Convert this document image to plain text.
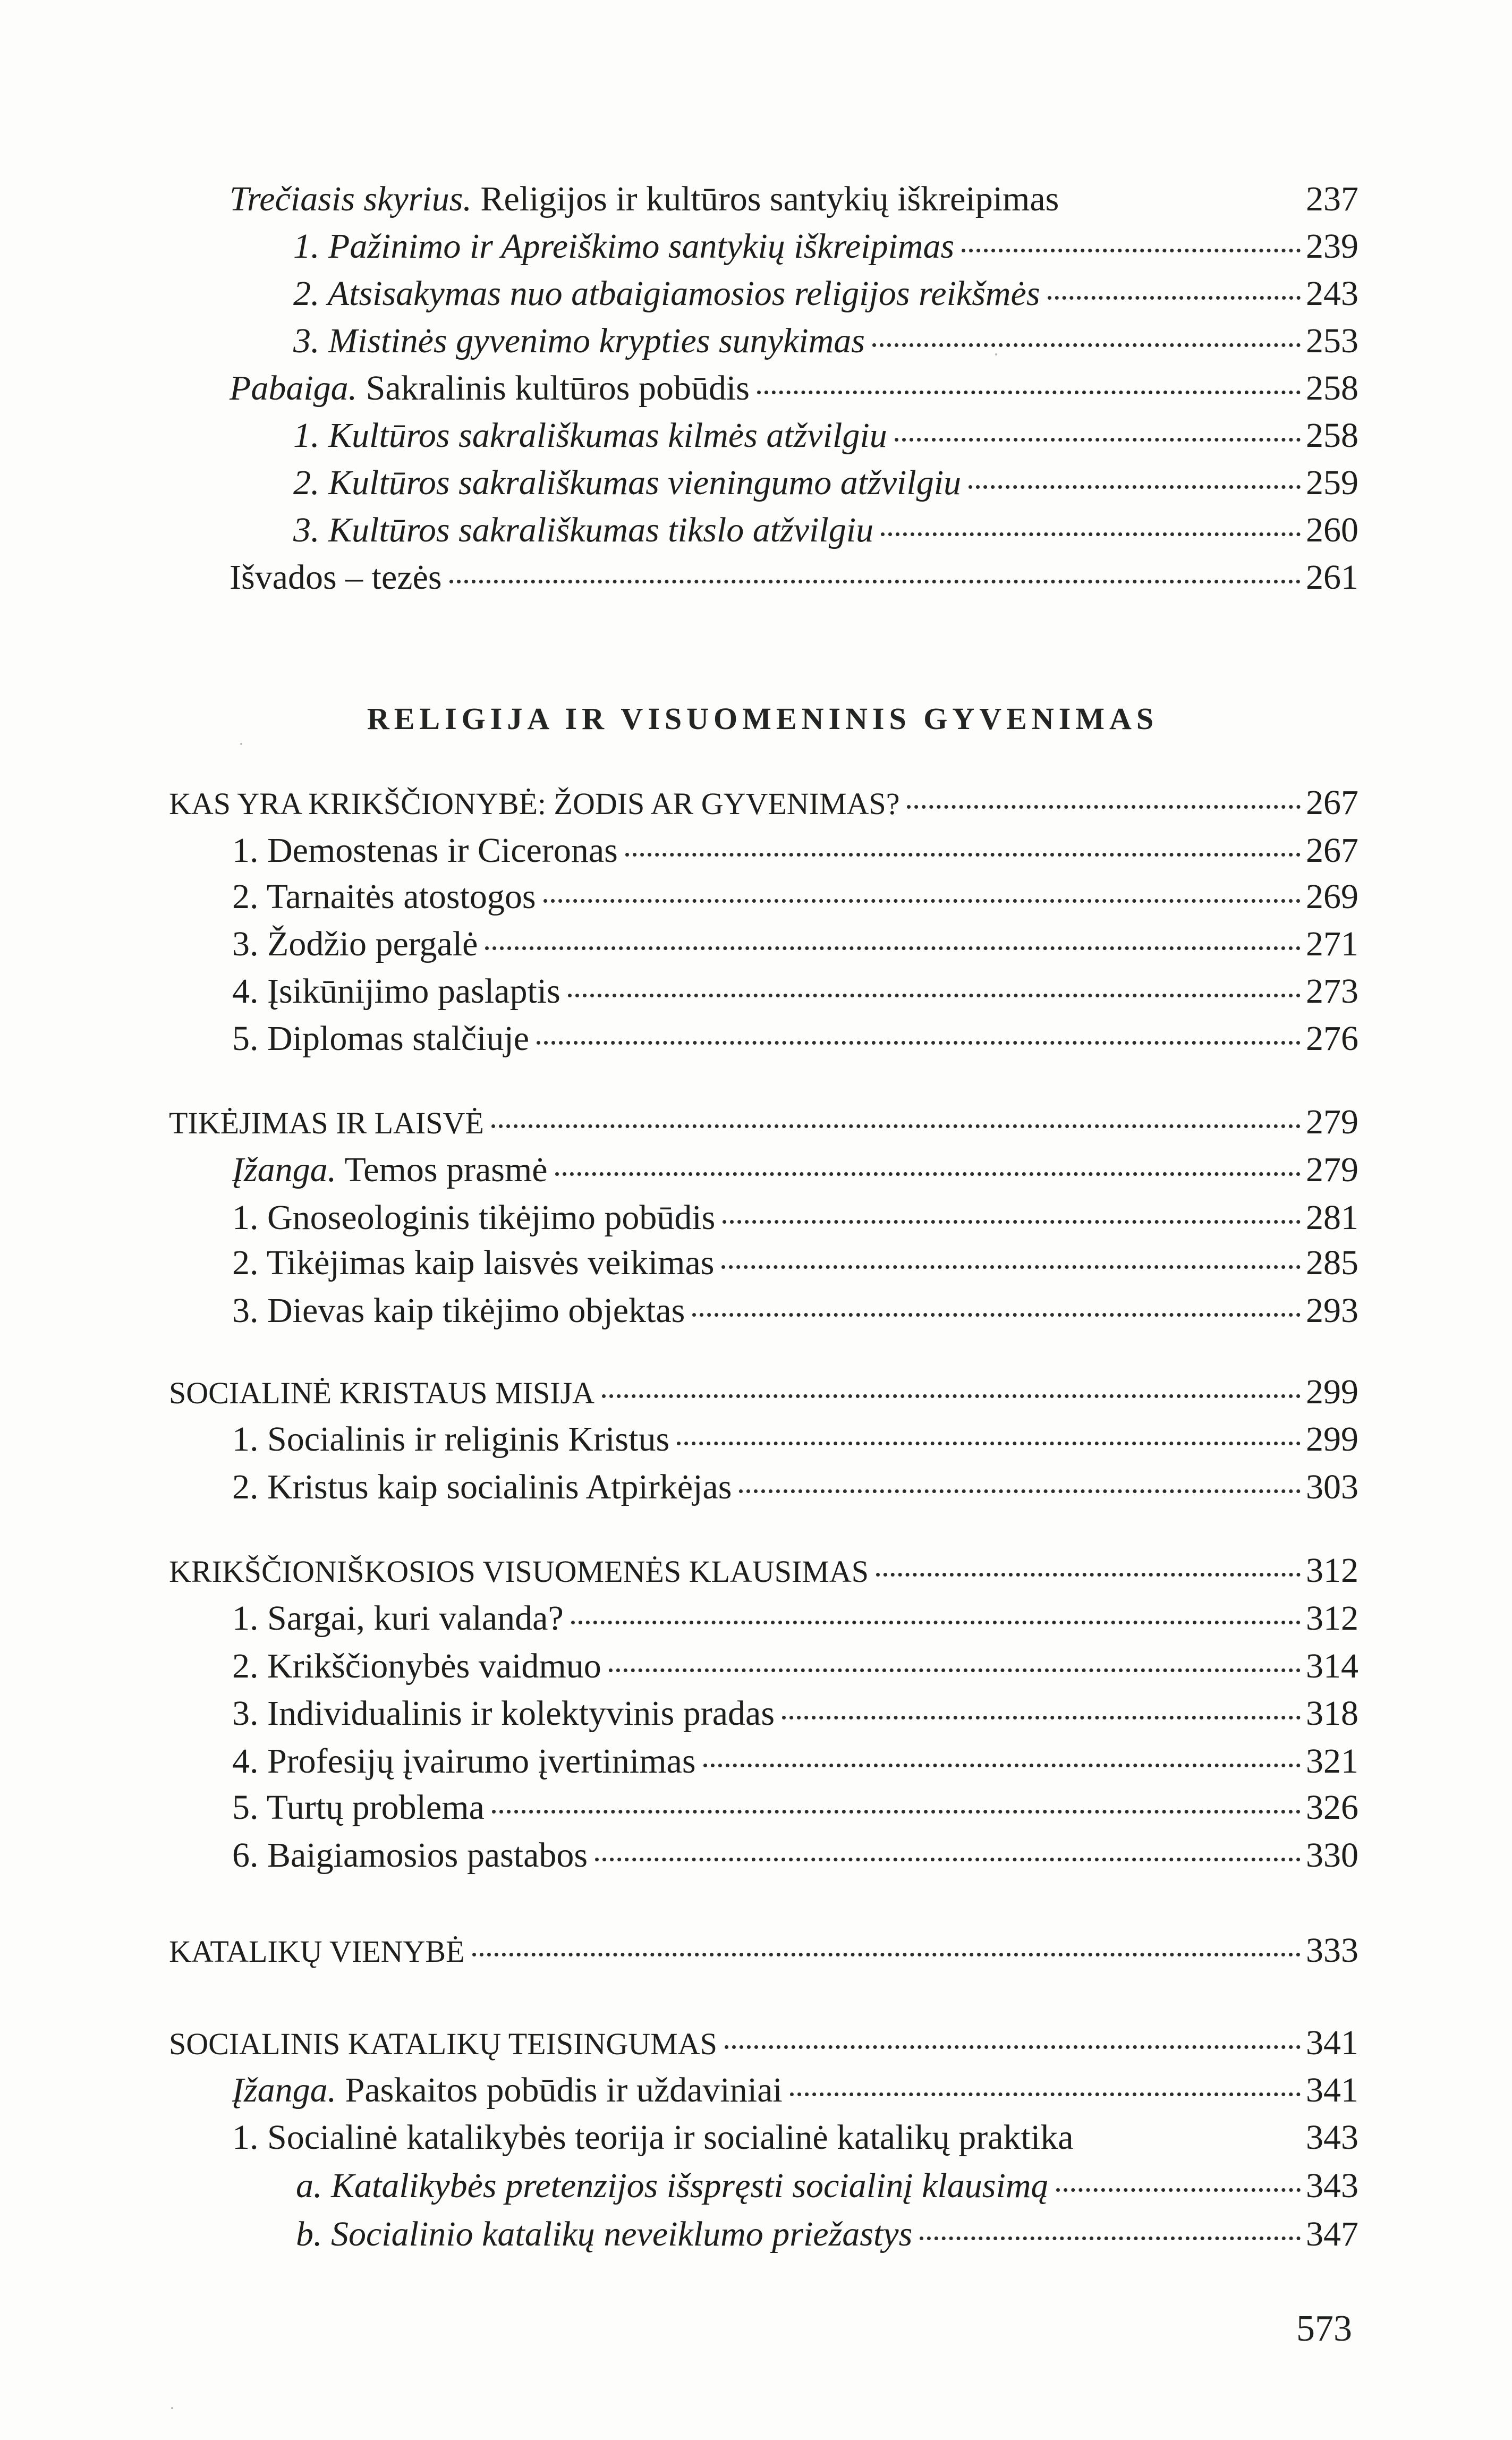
Trečiasis skyrius. Religijos ir kultūros santykių iškreipimas	237
1. Pažinimo ir Apreiškimo santykių iškreipimas	239
2. Atsisakymas nuo atbaigiamosios religijos reikšmės	243
3. Mistinės gyvenimo krypties sunykimas	253
Pabaiga. Sakralinis kultūros pobūdis	258
1. Kultūros sakrališkumas kilmės atžvilgiu	258
2. Kultūros sakrališkumas vieningumo atžvilgiu	259
3. Kultūros sakrališkumas tikslo atžvilgiu	260
Išvados – tezės	261
RELIGIJA IR VISUOMENINIS GYVENIMAS
KAS YRA KRIKŠČIONYBĖ: ŽODIS AR GYVENIMAS?	267
1. Demostenas ir Ciceronas	267
2. Tarnaitės atostogos	269
3. Žodžio pergalė	271
4. Įsikūnijimo paslaptis	273
5. Diplomas stalčiuje	276
TIKĖJIMAS IR LAISVĖ	279
Įžanga. Temos prasmė	279
1. Gnoseologinis tikėjimo pobūdis	281
2. Tikėjimas kaip laisvės veikimas	285
3. Dievas kaip tikėjimo objektas	293
SOCIALINĖ KRISTAUS MISIJA	299
1. Socialinis ir religinis Kristus	299
2. Kristus kaip socialinis Atpirkėjas	303
KRIKŠČIONIŠKOSIOS VISUOMENĖS KLAUSIMAS	312
1. Sargai, kuri valanda?	312
2. Krikščionybės vaidmuo	314
3. Individualinis ir kolektyvinis pradas	318
4. Profesijų įvairumo įvertinimas	321
5. Turtų problema	326
6. Baigiamosios pastabos	330
KATALIKŲ VIENYBĖ	333
SOCIALINIS KATALIKŲ TEISINGUMAS	341
Įžanga. Paskaitos pobūdis ir uždaviniai	341
1. Socialinė katalikybės teorija ir socialinė katalikų praktika	343
a. Katalikybės pretenzijos išspręsti socialinį klausimą	343
b. Socialinio katalikų neveiklumo priežastys	347
573
